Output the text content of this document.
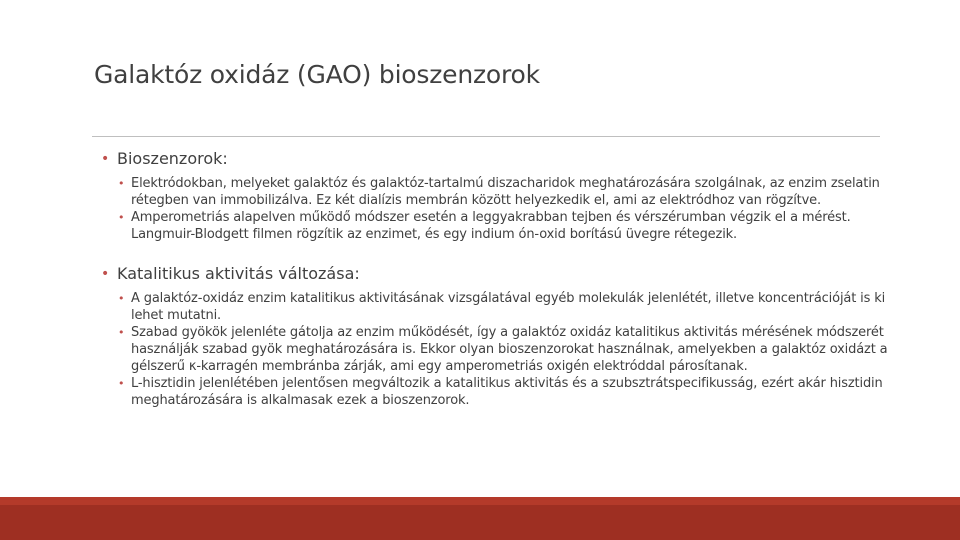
Galaktóz oxidáz (GAO) bioszenzorok
• Bioszenzorok:
• Elektródokban, melyeket galaktóz és galaktóz-tartalmú diszacharidok meghatározására szolgálnak, az enzim zselatin rétegben van immobilizálva. Ez két dialízis membrán között helyezkedik el, ami az elektródhoz van rögzítve.
• Amperometriás alapelven működő módszer esetén a leggyakrabban tejben és vérszérumban végzik el a mérést. Langmuir-Blodgett filmen rögzítik az enzimet, és egy indium ón-oxid borítású üvegre rétegezik.
• Katalitikus aktivitás változása:
• A galaktóz-oxidáz enzim katalitikus aktivitásának vizsgálatával egyéb molekulák jelenlétét, illetve koncentrációját is ki lehet mutatni.
• Szabad gyökök jelenléte gátolja az enzim működését, így a galaktóz oxidáz katalitikus aktivitás mérésének módszerét használják szabad gyök meghatározására is. Ekkor olyan bioszenzorokat használnak, amelyekben a galaktóz oxidázt a gélszerű κ-karragén membránba zárják, ami egy amperometriás oxigén elektróddal párosítanak.
• L-hisztidin jelenlétében jelentősen megváltozik a katalitikus aktivitás és a szubsztrátspecifikusság, ezért akár hisztidin meghatározására is alkalmasak ezek a bioszenzorok.
